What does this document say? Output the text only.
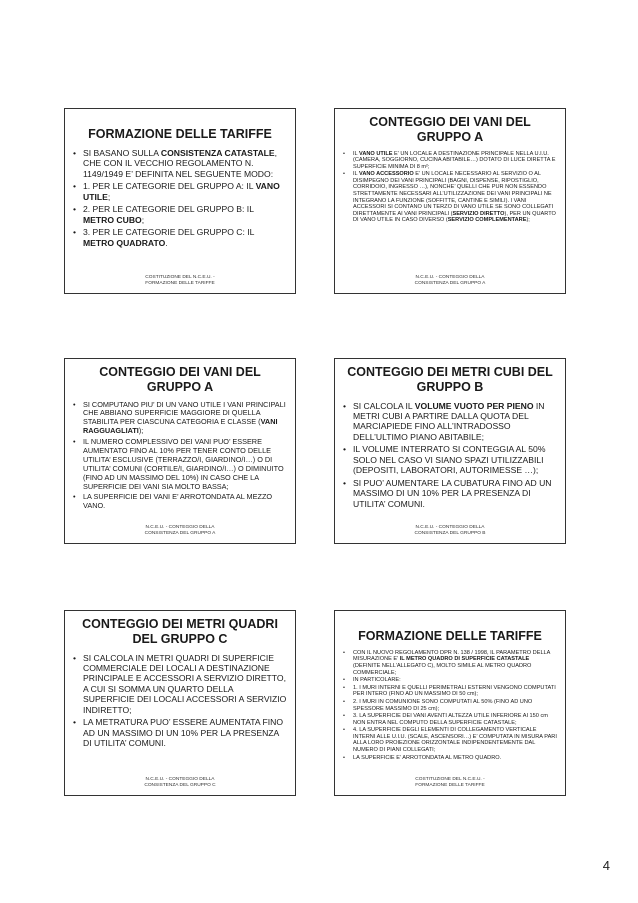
FORMAZIONE DELLE TARIFFE
• SI BASANO SULLA CONSISTENZA CATASTALE, CHE CON IL VECCHIO REGOLAMENTO N. 1149/1949 E’ DEFINITA NEL SEGUENTE MODO:
• 1. PER LE CATEGORIE DEL GRUPPO A: IL VANO UTILE;
• 2. PER LE CATEGORIE DEL GRUPPO B: IL METRO CUBO;
• 3. PER LE CATEGORIE DEL GRUPPO C: IL METRO QUADRATO.
COSTITUZIONE DEL N.C.E.U. -
FORMAZIONE DELLE TARIFFE
CONTEGGIO DEI VANI DEL GRUPPO A
• IL VANO UTILE E’ UN LOCALE A DESTINAZIONE PRINCIPALE NELLA U.I.U. (CAMERA, SOGGIORNO, CUCINA ABITABILE…) DOTATO DI LUCE DIRETTA E SUPERFICIE MINIMA DI 8 m²;
• IL VANO ACCESSORIO E’ UN LOCALE NECESSARIO AL SERVIZIO O AL DISIMPEGNO DEI VANI PRINCIPALI (BAGNI, DISPENSE, RIPOSTIGLIO, CORRIDOIO, INGRESSO …), NONCHE’ QUELLI CHE PUR NON ESSENDO STRETTAMENTE NECESSARI ALL’UTILIZZAZIONE DEI VANI PRINCIPALI NE INTEGRANO LA FUNZIONE (SOFFITTE, CANTINE E SIMILI). I VANI ACCESSORI SI CONTANO UN TERZO DI VANO UTILE SE SONO COLLEGATI DIRETTAMENTE AI VANI PRINCIPALI (SERVIZIO DIRETTO), PER UN QUARTO DI VANO UTILE IN CASO DIVERSO (SERVIZIO COMPLEMENTARE);
N.C.E.U. - CONTEGGIO DELLA
CONSISTENZA DEL GRUPPO A
CONTEGGIO DEI VANI DEL GRUPPO A
• SI COMPUTANO PIU’ DI UN VANO UTILE I VANI PRINCIPALI CHE ABBIANO SUPERFICIE MAGGIORE DI QUELLA STABILITA PER CIASCUNA CATEGORIA E CLASSE (VANI RAGGUAGLIATI);
• IL NUMERO COMPLESSIVO DEI VANI PUO’ ESSERE AUMENTATO FINO AL 10% PER TENER CONTO DELLE UTILITA’ ESCLUSIVE (TERRAZZO/I, GIARDINO/I…) O DI UTILITA’ COMUNI (CORTILE/I, GIARDINO/I…) O DIMINUITO (FINO AD UN MASSIMO DEL 10%) IN CASO CHE LA SUPERFICIE DEI VANI SIA MOLTO BASSA;
• LA SUPERFICIE DEI VANI E’ ARROTONDATA AL MEZZO VANO.
N.C.E.U. - CONTEGGIO DELLA
CONSISTENZA DEL GRUPPO A
CONTEGGIO DEI METRI CUBI DEL GRUPPO B
• SI CALCOLA IL VOLUME VUOTO PER PIENO IN METRI CUBI A PARTIRE DALLA QUOTA DEL MARCIAPIEDE FINO ALL’INTRADOSSO DELL’ULTIMO PIANO ABITABILE;
• IL VOLUME INTERRATO SI CONTEGGIA AL 50% SOLO NEL CASO VI SIANO SPAZI UTILIZZABILI (DEPOSITI, LABORATORI, AUTORIMESSE …);
• SI PUO’ AUMENTARE LA CUBATURA FINO AD UN MASSIMO DI UN 10% PER LA PRESENZA DI UTILITA’ COMUNI.
N.C.E.U. - CONTEGGIO DELLA
CONSISTENZA DEL GRUPPO B
CONTEGGIO DEI METRI QUADRI DEL GRUPPO C
• SI CALCOLA IN METRI QUADRI DI SUPERFICIE COMMERCIALE DEI LOCALI A DESTINAZIONE PRINCIPALE E ACCESSORI A SERVIZIO DIRETTO, A CUI SI SOMMA UN QUARTO DELLA SUPERFICIE DEI LOCALI ACCESSORI A SERVIZIO INDIRETTO;
• LA METRATURA PUO’ ESSERE AUMENTATA FINO AD UN MASSIMO DI UN 10% PER LA PRESENZA DI UTILITA’ COMUNI.
N.C.E.U. - CONTEGGIO DELLA
CONSISTENZA DEL GRUPPO C
FORMAZIONE DELLE TARIFFE
• CON IL NUOVO REGOLAMENTO DPR N. 138 / 1998, IL PARAMETRO DELLA MISURAZIONE E’ IL METRO QUADRO DI SUPERFICIE CATASTALE (DEFINITE NELL’ALLEGATO C), MOLTO SIMILE AL METRO QUADRO COMMERCIALE;
• IN PARTICOLARE:
• 1. I MURI INTERNI E QUELLI PERIMETRALI ESTERNI VENGONO COMPUTATI PER INTERO (FINO AD UN MASSIMO DI 50 cm);
• 2. I MURI IN COMUNIONE SONO COMPUTATI AL 50% (FINO AD UNO SPESSORE MASSIMO DI 25 cm);
• 3. LA SUPERFICIE DEI VANI AVENTI ALTEZZA UTILE INFERIORE AI 150 cm NON ENTRA NEL COMPUTO DELLA SUPERFICIE CATASTALE;
• 4. LA SUPERFICIE DEGLI ELEMENTI DI COLLEGAMENTO VERTICALE INTERNI ALLE U.I.U. (SCALE, ASCENSORI…) E’ COMPUTATA IN MISURA PARI ALLA LORO PROIEZIONE ORIZZONTALE INDIPENDENTEMENTE DAL NUMERO DI PIANI COLLEGATI;
• LA SUPERFICIE E’ ARROTONDATA AL METRO QUADRO.
COSTITUZIONE DEL N.C.E.U. -
FORMAZIONE DELLE TARIFFE
4
